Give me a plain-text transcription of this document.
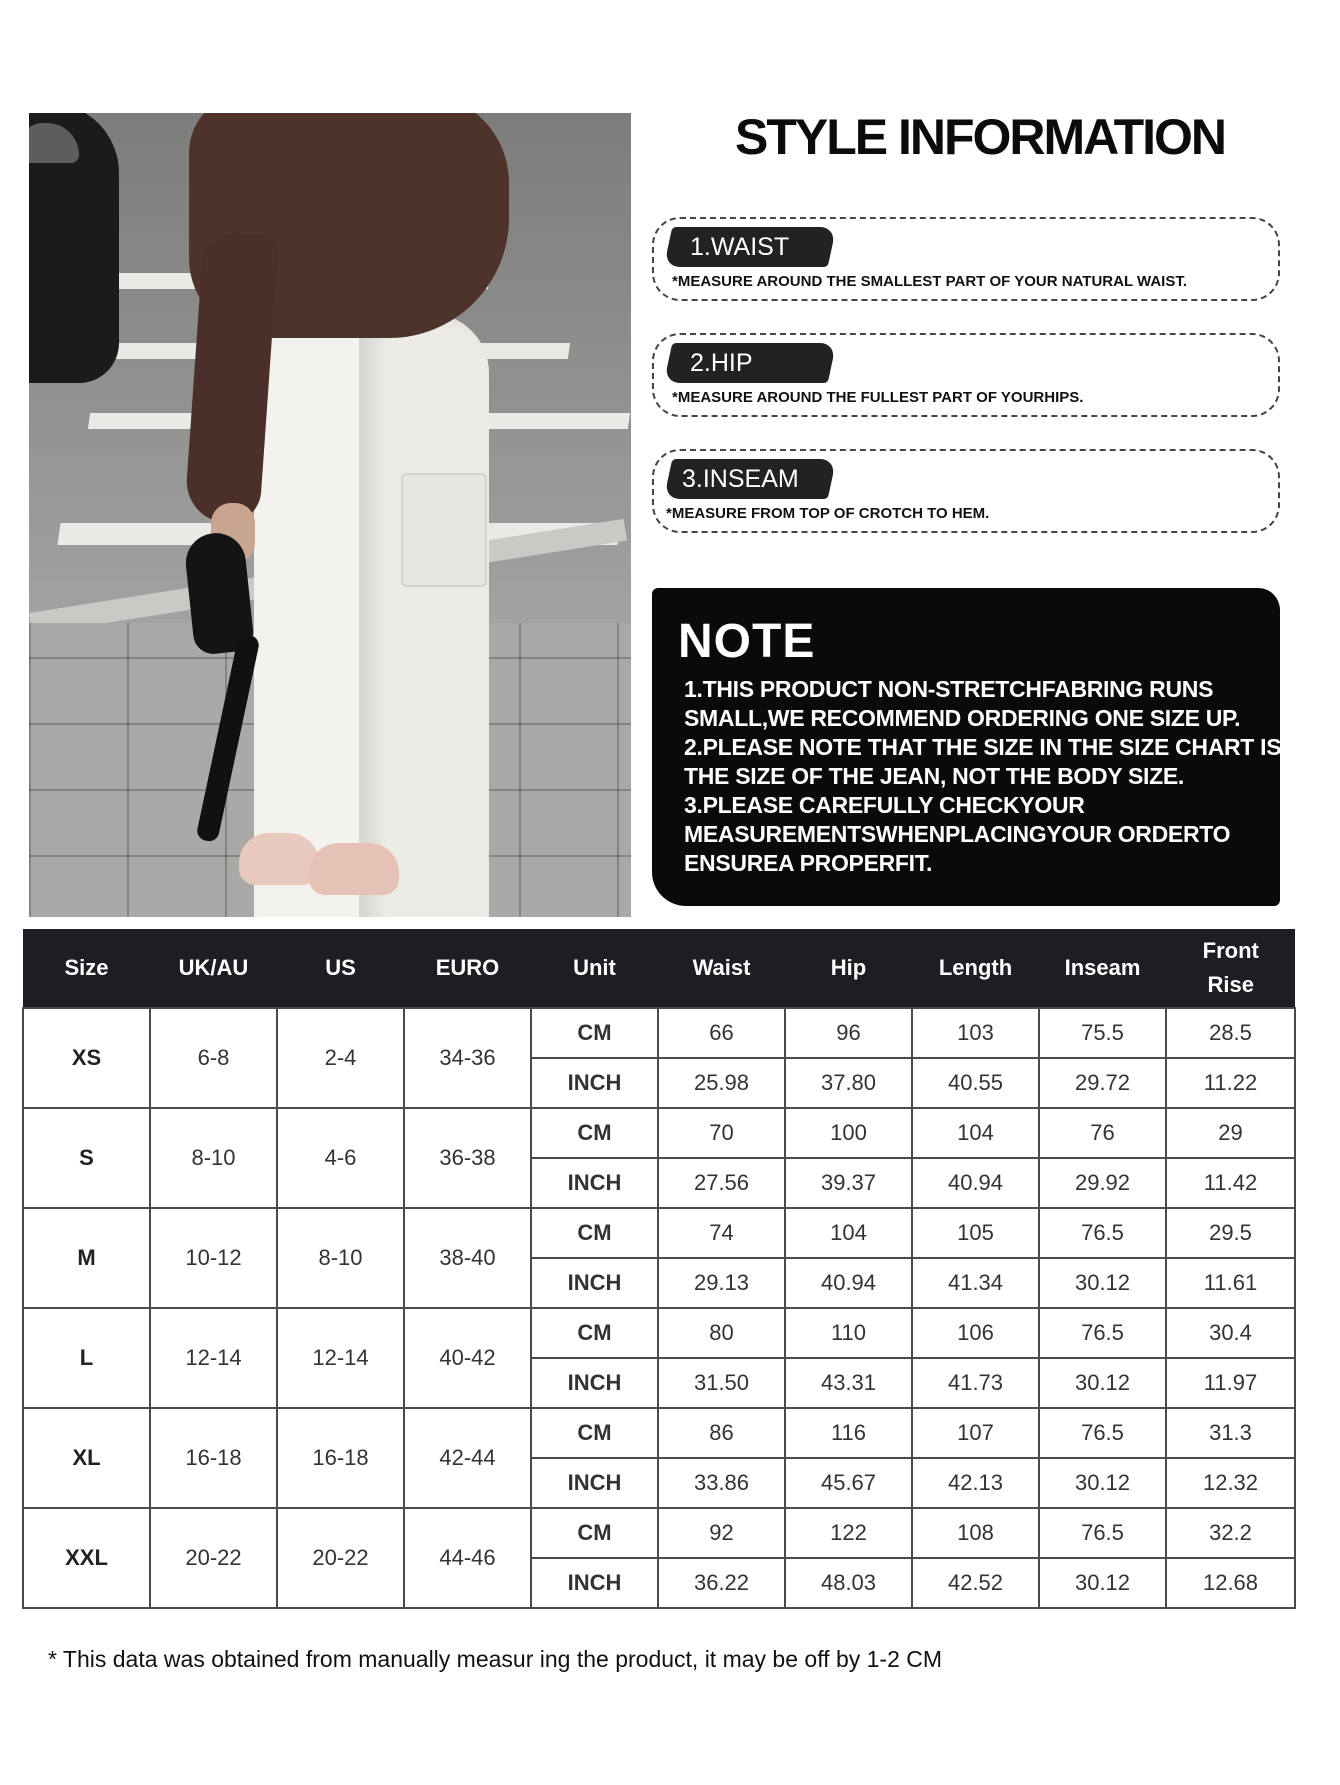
STYLE INFORMATION
1.WAIST
*MEASURE AROUND THE SMALLEST PART OF YOUR NATURAL WAIST.
2.HIP
*MEASURE AROUND THE FULLEST PART OF YOURHIPS.
3.INSEAM
*MEASURE FROM TOP OF CROTCH TO HEM.
NOTE
1.THIS PRODUCT NON-STRETCHFABRING RUNS
SMALL,WE RECOMMEND ORDERING ONE SIZE UP.
2.PLEASE NOTE THAT THE SIZE IN THE SIZE CHART IS
THE SIZE OF THE JEAN, NOT THE BODY SIZE.
3.PLEASE CAREFULLY CHECKYOUR
MEASUREMENTSWHENPLACINGYOUR ORDERTO
ENSUREA PROPERFIT.
Size	UK/AU	US	EURO	Unit	Waist	Hip	Length	Inseam	Front
Rise
XS	6-8	2-4	34-36	CM	66	96	103	75.5	28.5
				INCH	25.98	37.80	40.55	29.72	11.22
S	8-10	4-6	36-38	CM	70	100	104	76	29
				INCH	27.56	39.37	40.94	29.92	11.42
M	10-12	8-10	38-40	CM	74	104	105	76.5	29.5
				INCH	29.13	40.94	41.34	30.12	11.61
L	12-14	12-14	40-42	CM	80	110	106	76.5	30.4
				INCH	31.50	43.31	41.73	30.12	11.97
XL	16-18	16-18	42-44	CM	86	116	107	76.5	31.3
				INCH	33.86	45.67	42.13	30.12	12.32
XXL	20-22	20-22	44-46	CM	92	122	108	76.5	32.2
				INCH	36.22	48.03	42.52	30.12	12.68
* This data was obtained from manually measur ing the product, it may be off by 1-2 CM
